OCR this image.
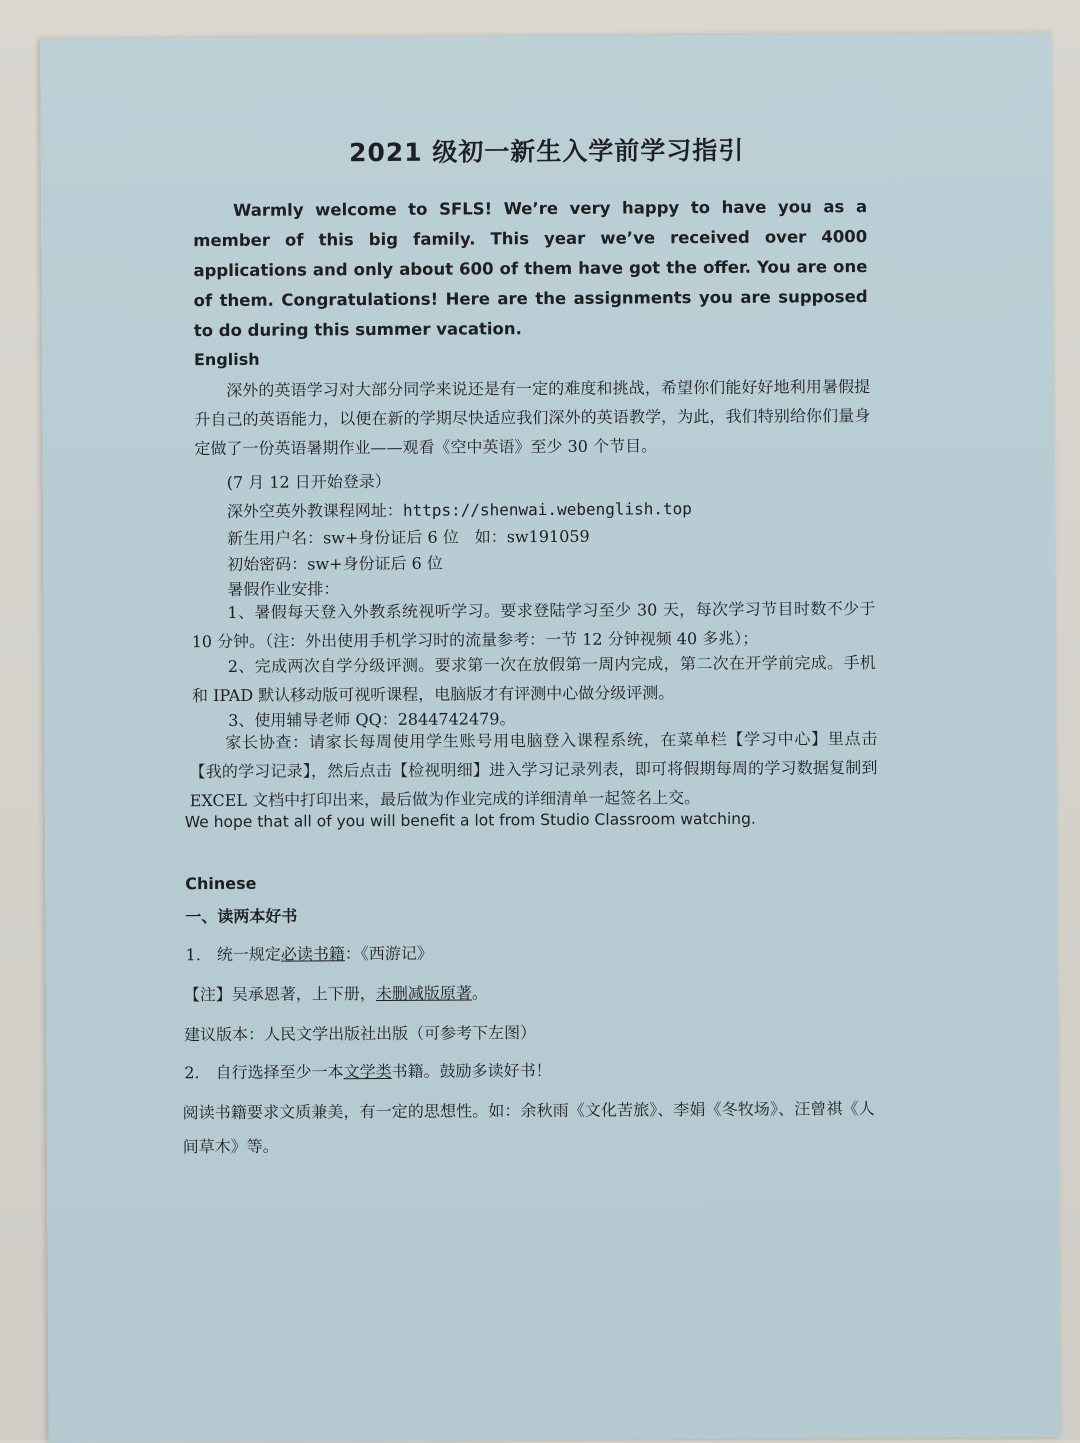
2021 级初一新生入学前学习指引
Warmly welcome to SFLS! We’re very happy to have you as a member of this big family. This year we’ve received over 4000 applications and only about 600 of them have got the offer. You are one of them. Congratulations! Here are the assignments you are supposed to do during this summer vacation.
English
深外的英语学习对大部分同学来说还是有一定的难度和挑战，希望你们能好好地利用暑假提升自己的英语能力，以便在新的学期尽快适应我们深外的英语教学，为此，我们特别给你们量身定做了一份英语暑期作业——观看《空中英语》至少 30 个节目。
(7 月 12 日开始登录）
深外空英外教课程网址：https://shenwai.webenglish.top
新生用户名：sw+身份证后 6 位　如：sw191059
初始密码：sw+身份证后 6 位
暑假作业安排：
1、暑假每天登入外教系统视听学习。要求登陆学习至少 30 天，每次学习节目时数不少于 10 分钟。（注：外出使用手机学习时的流量参考：一节 12 分钟视频 40 多兆）；
2、完成两次自学分级评测。要求第一次在放假第一周内完成，第二次在开学前完成。手机和 IPAD 默认移动版可视听课程，电脑版才有评测中心做分级评测。
3、使用辅导老师 QQ：2844742479。
家长协查：请家长每周使用学生账号用电脑登入课程系统，在菜单栏【学习中心】里点击【我的学习记录】，然后点击【检视明细】进入学习记录列表，即可将假期每周的学习数据复制到 EXCEL 文档中打印出来，最后做为作业完成的详细清单一起签名上交。
We hope that all of you will benefit a lot from Studio Classroom watching.
Chinese
一、读两本好书
1.　统一规定必读书籍：《西游记》
【注】吴承恩著，上下册，未删减版原著。
建议版本：人民文学出版社出版（可参考下左图）
2.　自行选择至少一本文学类书籍。鼓励多读好书！
阅读书籍要求文质兼美，有一定的思想性。如：余秋雨《文化苦旅》、李娟《冬牧场》、汪曾祺《人间草木》等。
